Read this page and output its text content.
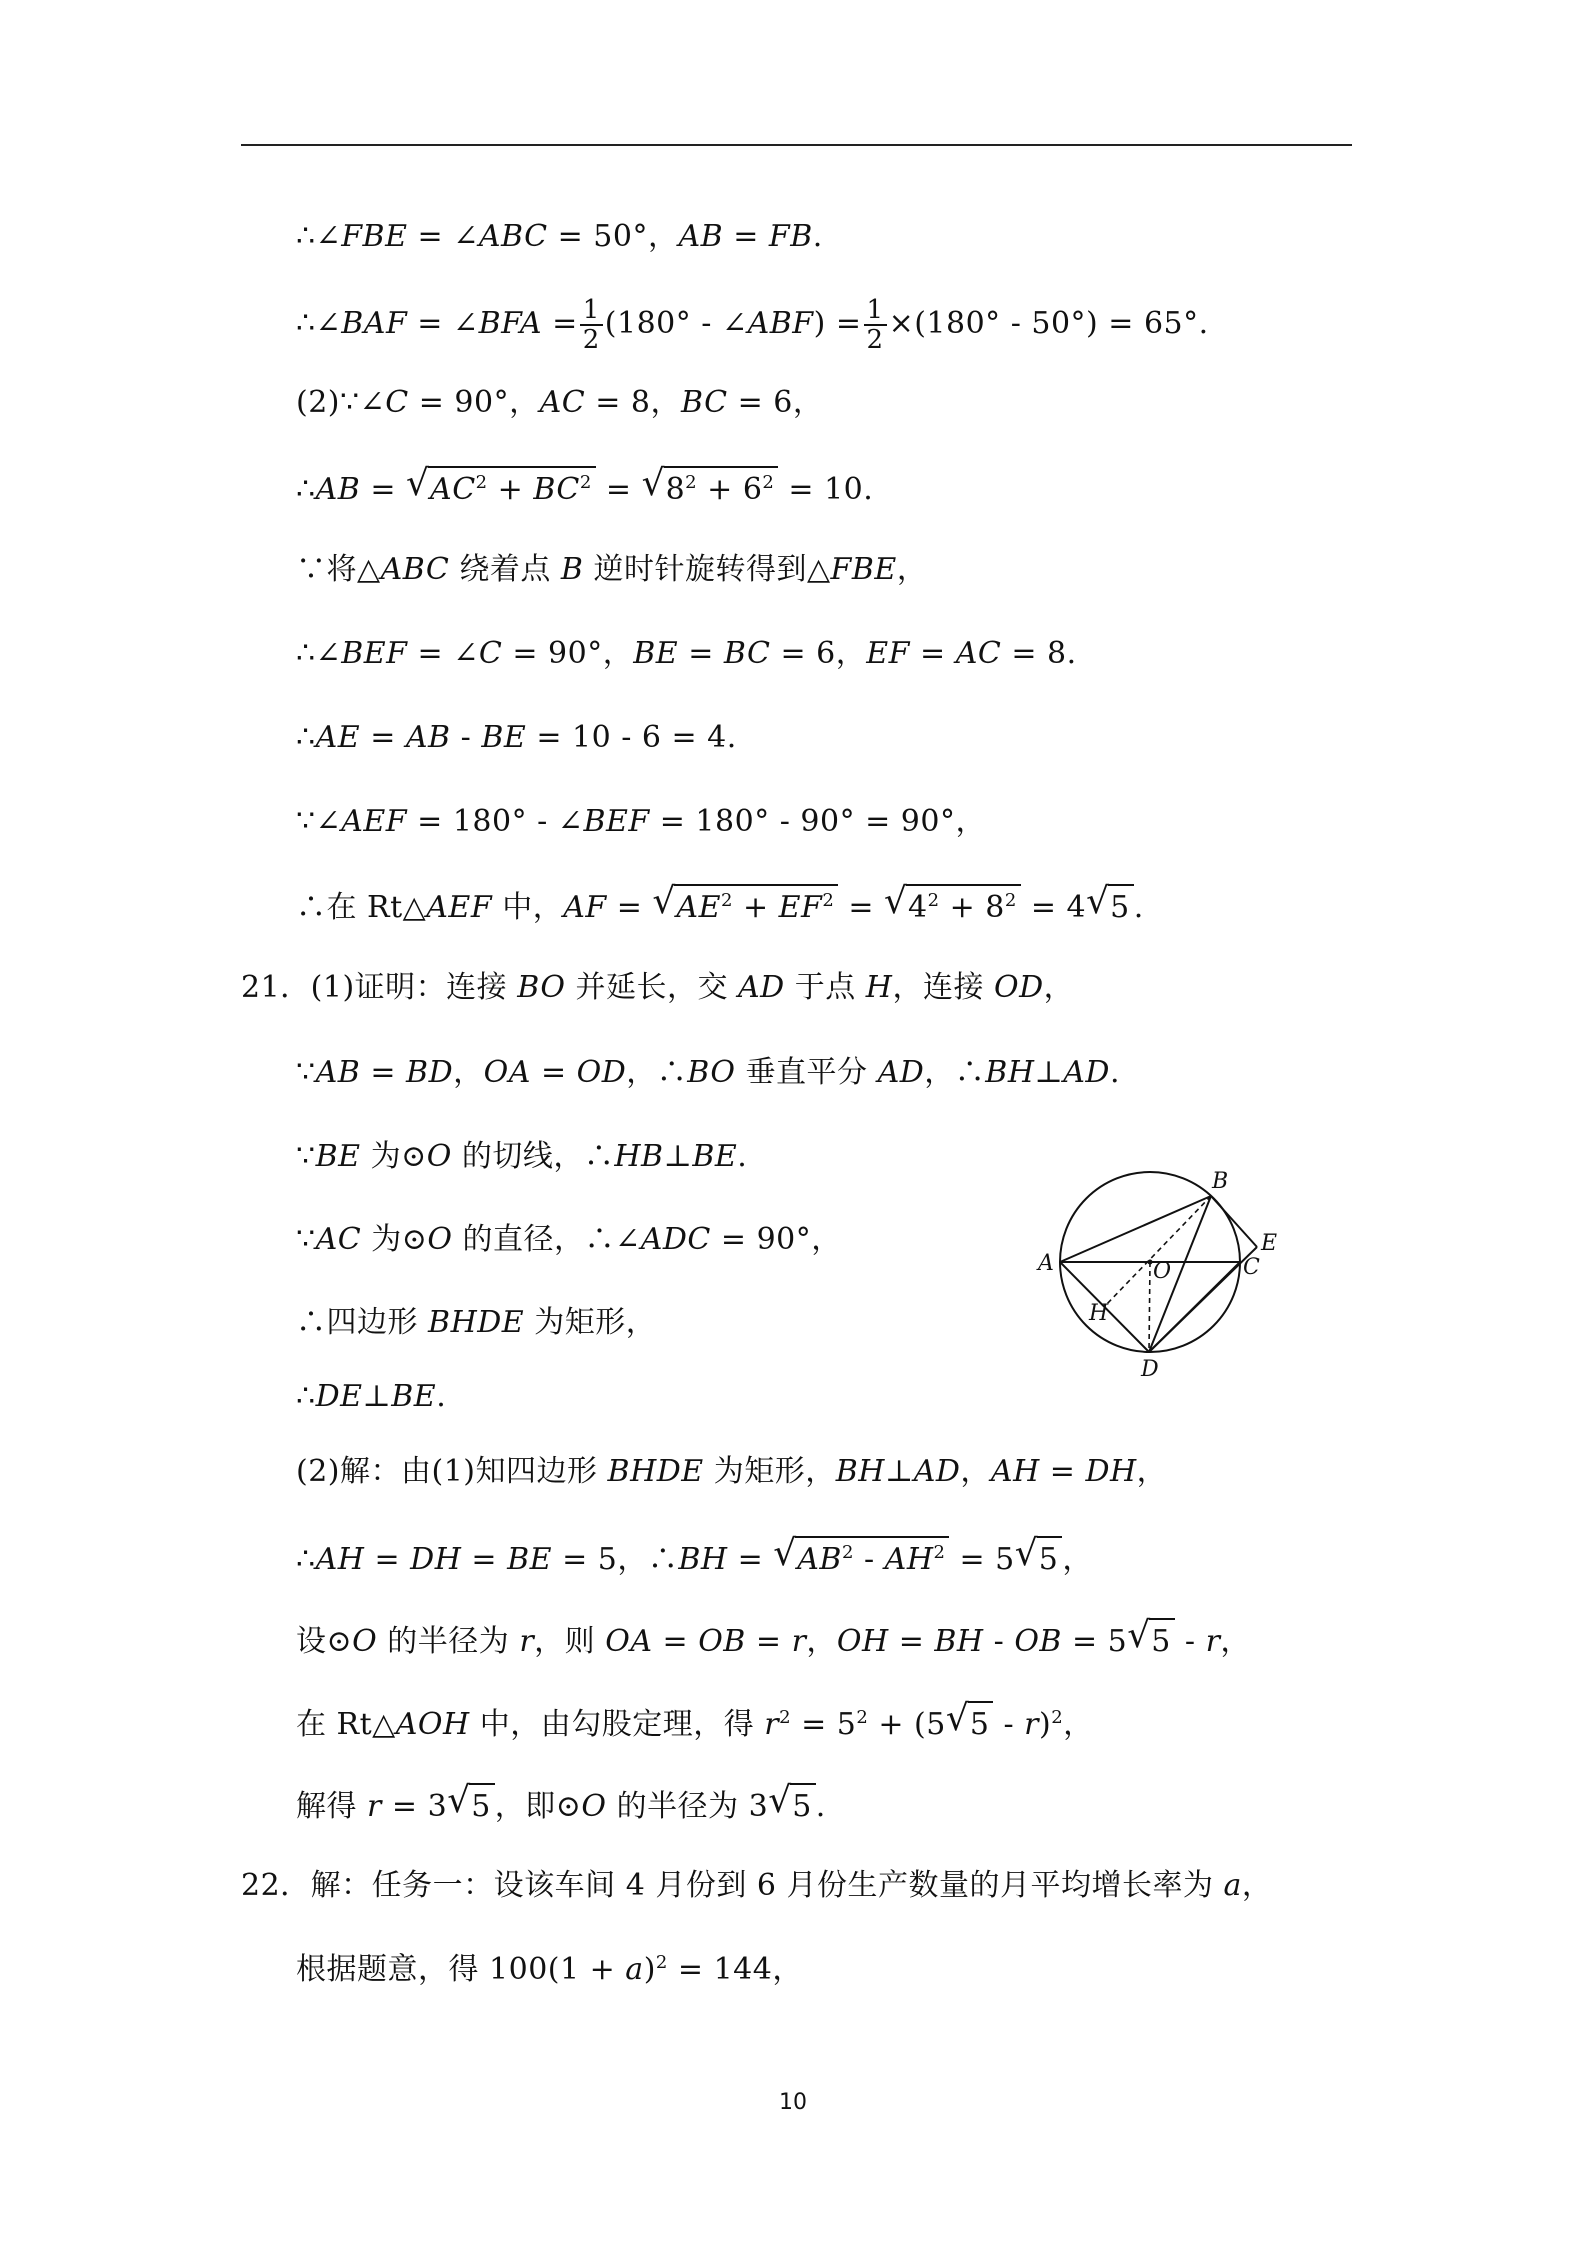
∴∠FBE = ∠ABC = 50°，AB = FB.
∴∠BAF = ∠BFA = $\frac{1}{2} (180^\circ$ - ∠ABF) = $\frac{1}{2} \times(180^\circ - 50^\circ) = 65^\circ$.
(2)∵∠C = 90°，AC = 8，BC = 6，
∴AB = √ $AC^2 + BC^2$ = √ $8^2 + 6^2 = 10$.
∵将△ABC 绕着点 B 逆时针旋转得到△FBE，
∴∠BEF = ∠C = 90°，BE = BC = 6，EF = AC = 8.
∴AE = AB - BE = 10 - 6 = 4.
∵∠AEF = 180° - ∠BEF = 180° - 90° = 90°，
∴在 Rt△AEF 中，AF = √ $AE^2 + EF^2$ = √ $4^2 + 8^2 = 4$ √ 5 .
21．(1)证明：连接 BO 并延长，交 AD 于点 H，连接 OD，
∵AB = BD，OA = OD，∴BO 垂直平分 AD，∴BH⊥AD.
∵BE 为⊙O 的切线，∴HB⊥BE.
∵AC 为⊙O 的直径，∴∠ADC = 90°，
∴四边形 BHDE 为矩形，
∴DE⊥BE.
(2)解：由(1)知四边形 BHDE 为矩形，BH⊥AD，AH = DH，
∴AH = DH = BE = 5，∴BH = √ $AB^2 - AH^2 = 5$ √ 5 ，
设⊙O 的半径为 r，则 OA = OB = r，OH = BH - OB = 5 √ 5 - r，
在 Rt△AOH 中，由勾股定理，得 $r^2 = 5^2 + (5$ √ 5 - r)$^2$，
解得 r = 3 √ 5 ，即⊙O 的半径为 3 √ 5 .
22．解：任务一：设该车间 4 月份到 6 月份生产数量的月平均增长率为 a，
根据题意，得 $100(1 + a)^2 = 144$，
B
E
A	O	C
H
D
10
